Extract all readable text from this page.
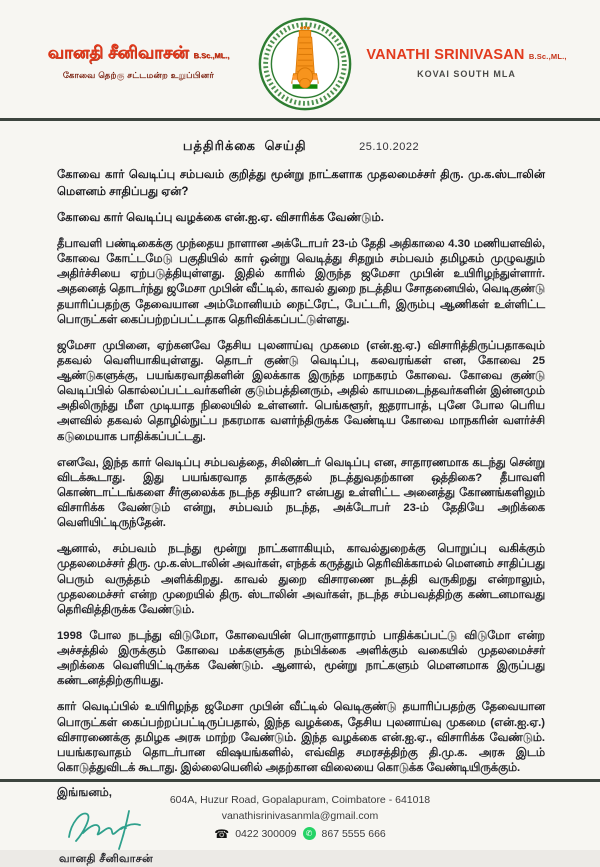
வானதி சீனிவாசன் B.Sc.,ML.,
கோவை தெற்கு சட்டமன்ற உறுப்பினர்
VANATHI SRINIVASAN B.Sc.,ML.,
KOVAI SOUTH MLA
பத்திரிக்கை செய்தி	25.10.2022

கோவை கார் வெடிப்பு சம்பவம் குறித்து மூன்று நாட்களாக முதலமைச்சர் திரு. மு.க.ஸ்டாலின் மௌனம் சாதிப்பது ஏன்?

கோவை கார் வெடிப்பு வழக்கை என்.ஐ.ஏ. விசாரிக்க வேண்டும்.

தீபாவளி பண்டிகைக்கு முந்தைய நாளான அக்டோபர் 23-ம் தேதி அதிகாலை 4.30 மணியளவில், கோவை கோட்டமேடு பகுதியில் கார் ஒன்று வெடித்து சிதறும் சம்பவம் தமிழகம் முழுவதும் அதிர்ச்சியை ஏற்படுத்தியுள்ளது. இதில் காரில் இருந்த ஜமேசா முபின் உயிரிழந்துள்ளார். அதனைத் தொடர்ந்து ஜமேசா முபின் வீட்டில், காவல் துறை நடத்திய சோதனையில், வெடிகுண்டு தயாரிப்பதற்கு தேவையான அம்மோனியம் நைட்ரேட், பேட்டரி, இரும்பு ஆணிகள் உள்ளிட்ட பொருட்கள் கைப்பற்றப்பட்டதாக தெரிவிக்கப்பட்டுள்ளது.

ஜமேசா முபினை, ஏற்கனவே தேசிய புலனாய்வு முகமை (என்.ஐ.ஏ.) விசாரித்திருப்பதாகவும் தகவல் வெளியாகியுள்ளது. தொடர் குண்டு வெடிப்பு, கலவரங்கள் என, கோவை 25 ஆண்டுகளுக்கு, பயங்கரவாதிகளின் இலக்காக இருந்த மாநகரம் கோவை. கோவை குண்டு வெடிப்பில் கொல்லப்பட்டவர்களின் குடும்பத்தினரும், அதில் காயமடைந்தவர்களின் இன்னமும் அதிலிருந்து மீள முடியாத நிலையில் உள்ளனர். பெங்களூர், ஐதராபாத், புனே போல பெரிய அளவில் தகவல் தொழில்நுட்ப நகரமாக வளர்ந்திருக்க வேண்டிய கோவை மாநகரின் வளர்ச்சி கடுமையாக பாதிக்கப்பட்டது.

எனவே, இந்த கார் வெடிப்பு சம்பவத்தை, சிலிண்டர் வெடிப்பு என, சாதாரணமாக கடந்து சென்று விடக்கூடாது. இது பயங்கரவாத தாக்குதல் நடத்துவதற்கான ஒத்திகை? தீபாவளி கொண்டாட்டங்களை சீர்குலைக்க நடந்த சதியா? என்பது உள்ளிட்ட அனைத்து கோணங்களிலும் விசாரிக்க வேண்டும் என்று, சம்பவம் நடந்த, அக்டோபர் 23-ம் தேதியே அறிக்கை வெளியிட்டிருந்தேன்.

ஆனால், சம்பவம் நடந்து மூன்று நாட்களாகியும், காவல்துறைக்கு பொறுப்பு வகிக்கும் முதலமைச்சர் திரு. மு.க.ஸ்டாலின் அவர்கள், எந்தக் கருத்தும் தெரிவிக்காமல் மௌனம் சாதிப்பது பெரும் வருத்தம் அளிக்கிறது. காவல் துறை விசாரணை நடத்தி வருகிறது என்றாலும், முதலமைச்சர் என்ற முறையில் திரு. ஸ்டாலின் அவர்கள், நடந்த சம்பவத்திற்கு கண்டனமாவது தெரிவித்திருக்க வேண்டும்.

1998 போல நடந்து விடுமோ, கோவையின் பொருளாதாரம் பாதிக்கப்பட்டு விடுமோ என்ற அச்சத்தில் இருக்கும் கோவை மக்களுக்கு நம்பிக்கை அளிக்கும் வகையில் முதலமைச்சர் அறிக்கை வெளியிட்டிருக்க வேண்டும். ஆனால், மூன்று நாட்களும் மௌனமாக இருப்பது கண்டனத்திற்குரியது.

கார் வெடிப்பில் உயிரிழந்த ஜமேசா முபின் வீட்டில் வெடிகுண்டு தயாரிப்பதற்கு தேவையான பொருட்கள் கைப்பற்றப்பட்டிருப்பதால், இந்த வழக்கை, தேசிய புலனாய்வு முகமை (என்.ஐ.ஏ.) விசாரணைக்கு தமிழக அரசு மாற்ற வேண்டும். இந்த வழக்கை என்.ஐ.ஏ., விசாரிக்க வேண்டும். பயங்கரவாதம் தொடர்பான விஷயங்களில், எவ்வித சமரசத்திற்கு தி.மு.க. அரசு இடம் கொடுத்துவிடக் கூடாது. இல்லையெனில் அதற்கான விலையை கொடுக்க வேண்டியிருக்கும்.

இங்ஙனம்,
வானதி சீனிவாசன்
604A, Huzur Road, Gopalapuram, Coimbatore - 641018
vanathisrinivasanmla@gmail.com
☎ 0422 300009	✆ 867 5555 666
